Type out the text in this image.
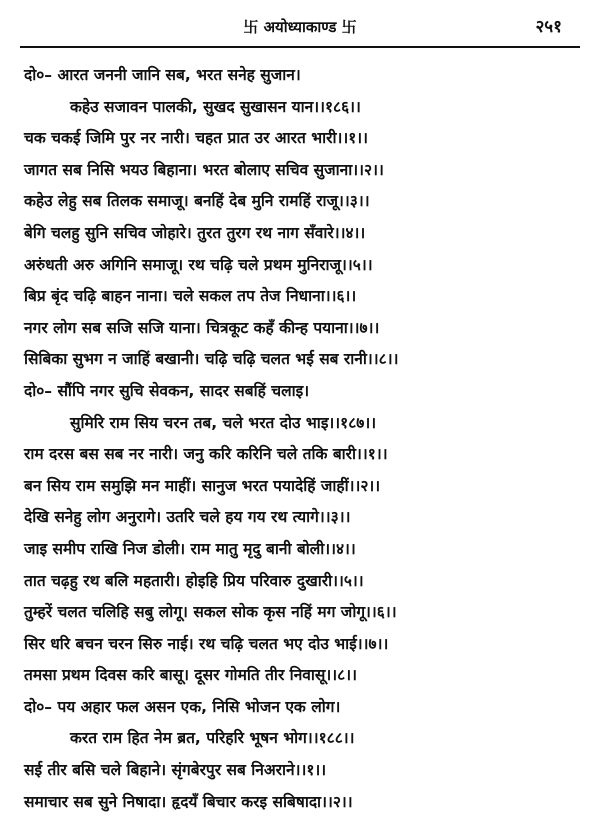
卐 अयोध्याकाण्ड 卐	२५१
दो०– आरत जननी जानि सब, भरत सनेह सुजान।
कहेउ सजावन पालकी, सुखद सुखासन यान।।१८६।।
चक चकई जिमि पुर नर नारी। चहत प्रात उर आरत भारी।।१।।
जागत सब निसि भयउ बिहाना। भरत बोलाए सचिव सुजाना।।२।।
कहेउ लेहु सब तिलक समाजू। बनहिं देब मुनि रामहिं राजू।।३।।
बेगि चलहु सुनि सचिव जोहारे। तुरत तुरग रथ नाग सँवारे।।४।।
अरुंधती अरु अगिनि समाजू। रथ चढ़ि चले प्रथम मुनिराजू।।५।।
बिप्र बृंद चढ़ि बाहन नाना। चले सकल तप तेज निधाना।।६।।
नगर लोग सब सजि सजि याना। चित्रकूट कहँ कीन्ह पयाना।।७।।
सिबिका सुभग न जाहिं बखानी। चढ़ि चढ़ि चलत भई सब रानी।।८।।
दो०– सौंपि नगर सुचि सेवकन, सादर सबहिं चलाइ।
सुमिरि राम सिय चरन तब, चले भरत दोउ भाइ।।१८७।।
राम दरस बस सब नर नारी। जनु करि करिनि चले तकि बारी।।१।।
बन सिय राम समुझि मन माहीं। सानुज भरत पयादेहिं जाहीं।।२।।
देखि सनेहु लोग अनुरागे। उतरि चले हय गय रथ त्यागे।।३।।
जाइ समीप राखि निज डोली। राम मातु मृदु बानी बोली।।४।।
तात चढ़हु रथ बलि महतारी। होइहि प्रिय परिवारु दुखारी।।५।।
तुम्हरें चलत चलिहि सबु लोगू। सकल सोक कृस नहिं मग जोगू।।६।।
सिर धरि बचन चरन सिरु नाई। रथ चढ़ि चलत भए दोउ भाई।।७।।
तमसा प्रथम दिवस करि बासू। दूसर गोमति तीर निवासू।।८।।
दो०– पय अहार फल असन एक, निसि भोजन एक लोग।
करत राम हित नेम ब्रत, परिहरि भूषन भोग।।१८८।।
सई तीर बसि चले बिहाने। सृंगबेरपुर सब निअराने।।१।।
समाचार सब सुने निषादा। हृदयँ बिचार करइ सबिषादा।।२।।
